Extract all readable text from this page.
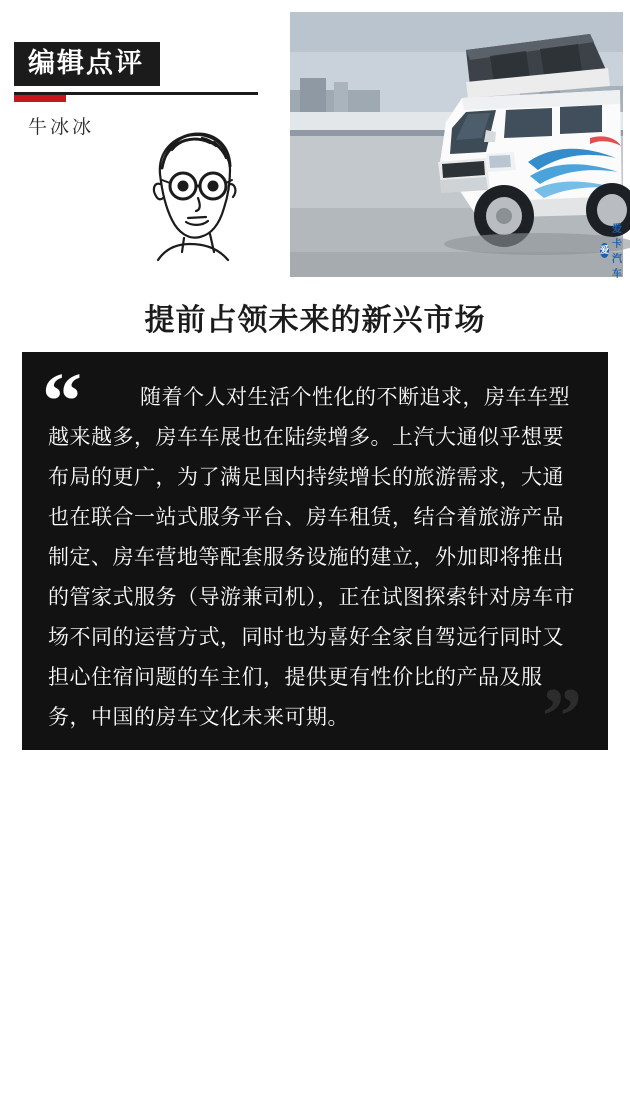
编辑点评
牛冰冰
爱
爱卡汽车
提前占领未来的新兴市场

随着个人对生活个性化的不断追求，房车车型越来越多，房车车展也在陆续增多。上汽大通似乎想要布局的更广，为了满足国内持续增长的旅游需求，大通也在联合一站式服务平台、房车租赁，结合着旅游产品制定、房车营地等配套服务设施的建立，外加即将推出的管家式服务（导游兼司机），正在试图探索针对房车市场不同的运营方式，同时也为喜好全家自驾远行同时又担心住宿问题的车主们，提供更有性价比的产品及服务，中国的房车文化未来可期。

SX 圣兴汽车
www.hbsxqc.cn
“
”
